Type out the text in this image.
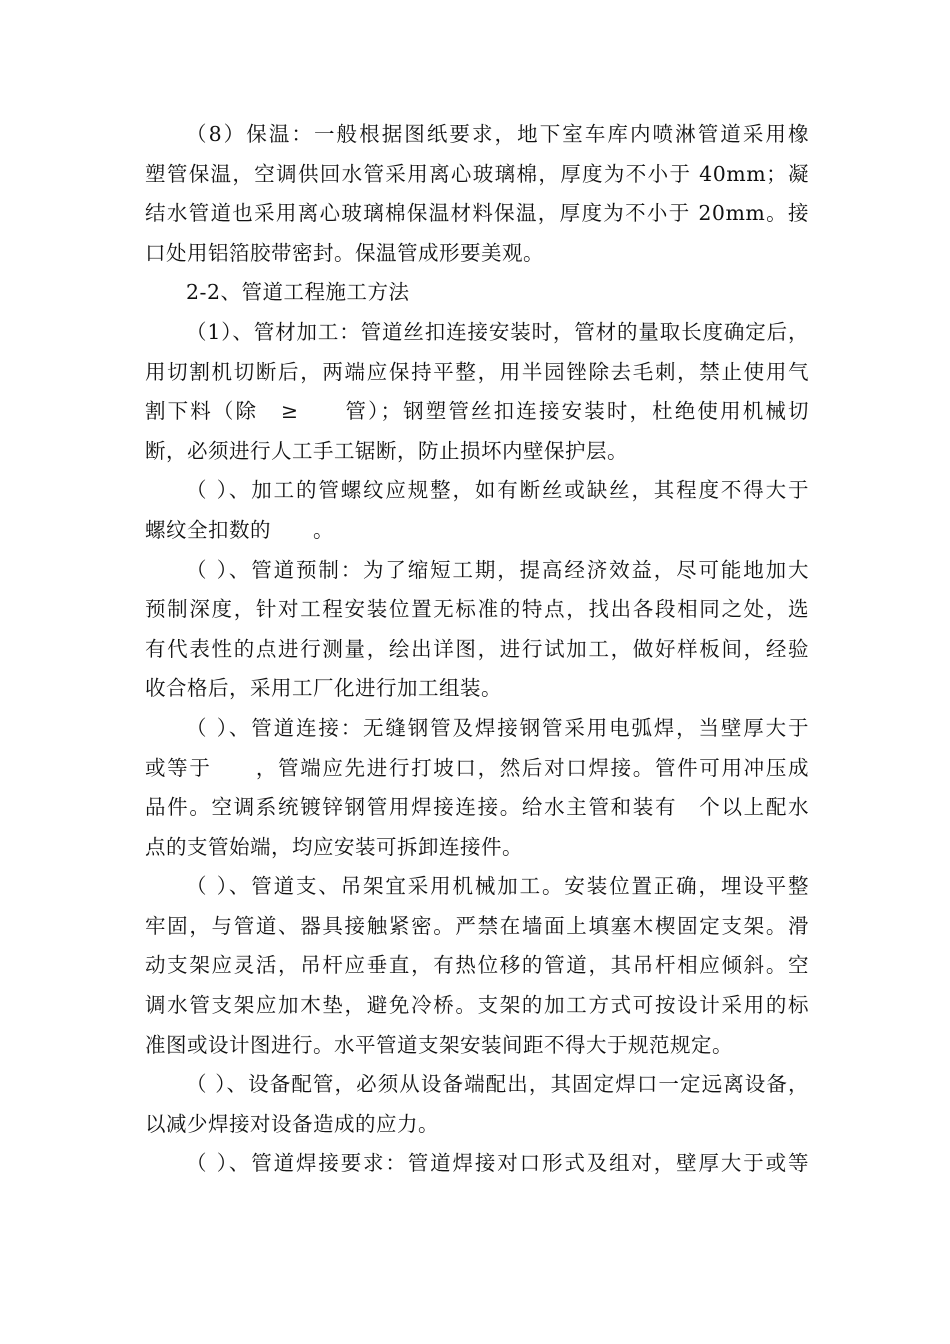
（8）保温：一般根据图纸要求，地下室车库内喷淋管道采用橡
塑管保温，空调供回水管采用离心玻璃棉，厚度为不小于 40mm；凝
结水管道也采用离心玻璃棉保温材料保温，厚度为不小于 20mm。接
口处用铝箔胶带密封。保温管成形要美观。
2-2、管道工程施工方法
（1）、管材加工：管道丝扣连接安装时，管材的量取长度确定后，
用切割机切断后，两端应保持平整，用半园锉除去毛刺，禁止使用气
割下料（除　≥　　管）；钢塑管丝扣连接安装时，杜绝使用机械切
断，必须进行人工手工锯断，防止损坏内壁保护层。
（ ）、加工的管螺纹应规整，如有断丝或缺丝，其程度不得大于
螺纹全扣数的　　。
（ ）、管道预制：为了缩短工期，提高经济效益，尽可能地加大
预制深度，针对工程安装位置无标准的特点，找出各段相同之处，选
有代表性的点进行测量，绘出详图，进行试加工，做好样板间，经验
收合格后，采用工厂化进行加工组装。
（ ）、管道连接：无缝钢管及焊接钢管采用电弧焊，当壁厚大于
或等于　　，管端应先进行打坡口，然后对口焊接。管件可用冲压成
品件。空调系统镀锌钢管用焊接连接。给水主管和装有　个以上配水
点的支管始端，均应安装可拆卸连接件。
（ ）、管道支、吊架宜采用机械加工。安装位置正确，埋设平整
牢固，与管道、器具接触紧密。严禁在墙面上填塞木楔固定支架。滑
动支架应灵活，吊杆应垂直，有热位移的管道，其吊杆相应倾斜。空
调水管支架应加木垫，避免冷桥。支架的加工方式可按设计采用的标
准图或设计图进行。水平管道支架安装间距不得大于规范规定。
（ ）、设备配管，必须从设备端配出，其固定焊口一定远离设备，
以减少焊接对设备造成的应力。
（ ）、管道焊接要求：管道焊接对口形式及组对，壁厚大于或等
